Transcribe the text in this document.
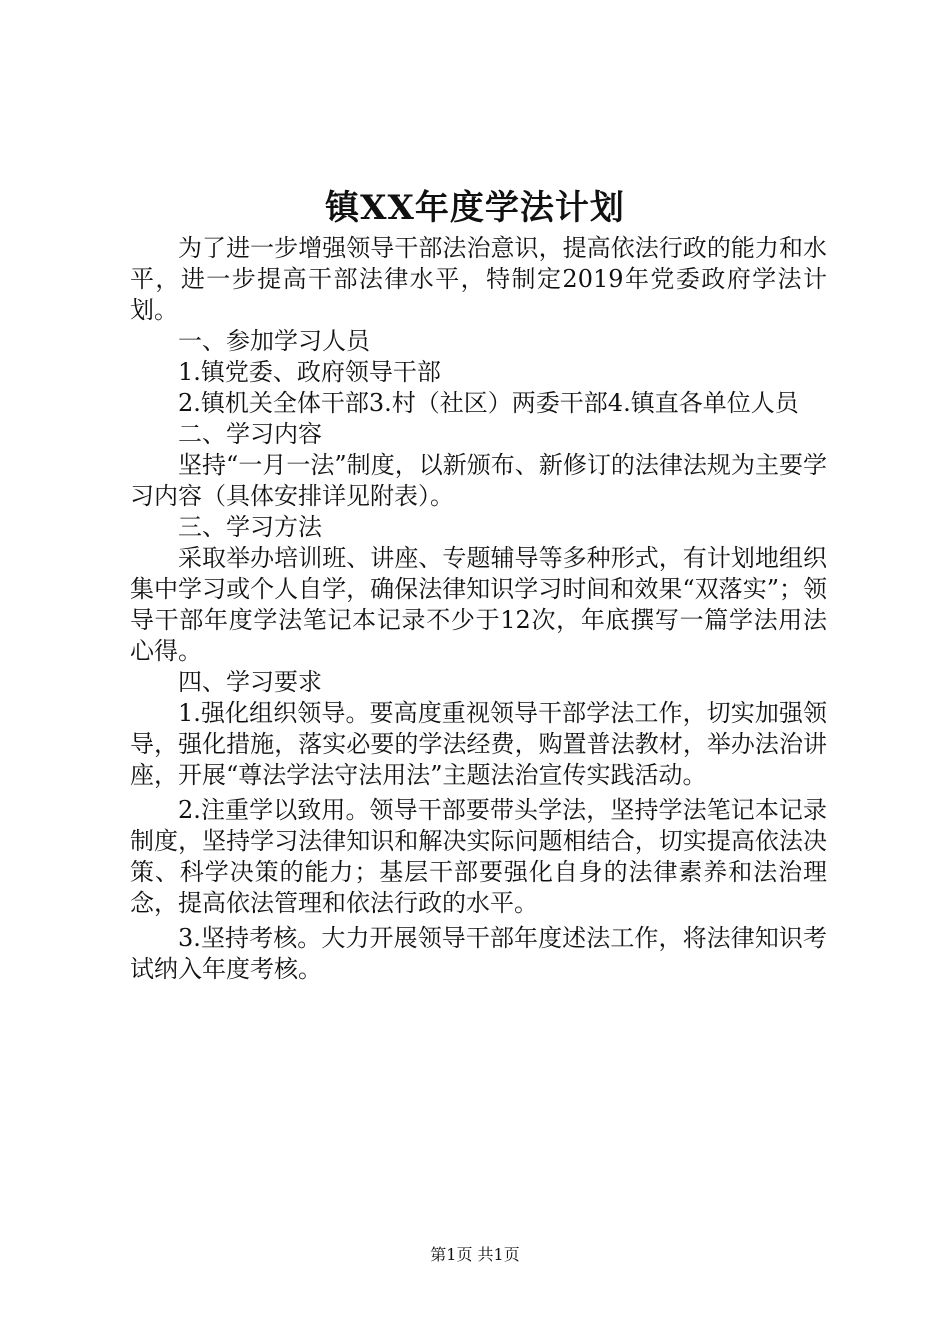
镇XX年度学法计划

为了进一步增强领导干部法治意识，提高依法行政的能力和水平，进一步提高干部法律水平，特制定2019年党委政府学法计划。

一、参加学习人员

1.镇党委、政府领导干部

2.镇机关全体干部3.村（社区）两委干部4.镇直各单位人员

二、学习内容

坚持“一月一法”制度，以新颁布、新修订的法律法规为主要学习内容（具体安排详见附表）。

三、学习方法

采取举办培训班、讲座、专题辅导等多种形式，有计划地组织集中学习或个人自学，确保法律知识学习时间和效果“双落实”；领导干部年度学法笔记本记录不少于12次，年底撰写一篇学法用法心得。

四、学习要求

1.强化组织领导。要高度重视领导干部学法工作，切实加强领导，强化措施，落实必要的学法经费，购置普法教材，举办法治讲座，开展“尊法学法守法用法”主题法治宣传实践活动。

2.注重学以致用。领导干部要带头学法，坚持学法笔记本记录制度，坚持学习法律知识和解决实际问题相结合，切实提高依法决策、科学决策的能力；基层干部要强化自身的法律素养和法治理念，提高依法管理和依法行政的水平。

3.坚持考核。大力开展领导干部年度述法工作，将法律知识考试纳入年度考核。

第1页 共1页
